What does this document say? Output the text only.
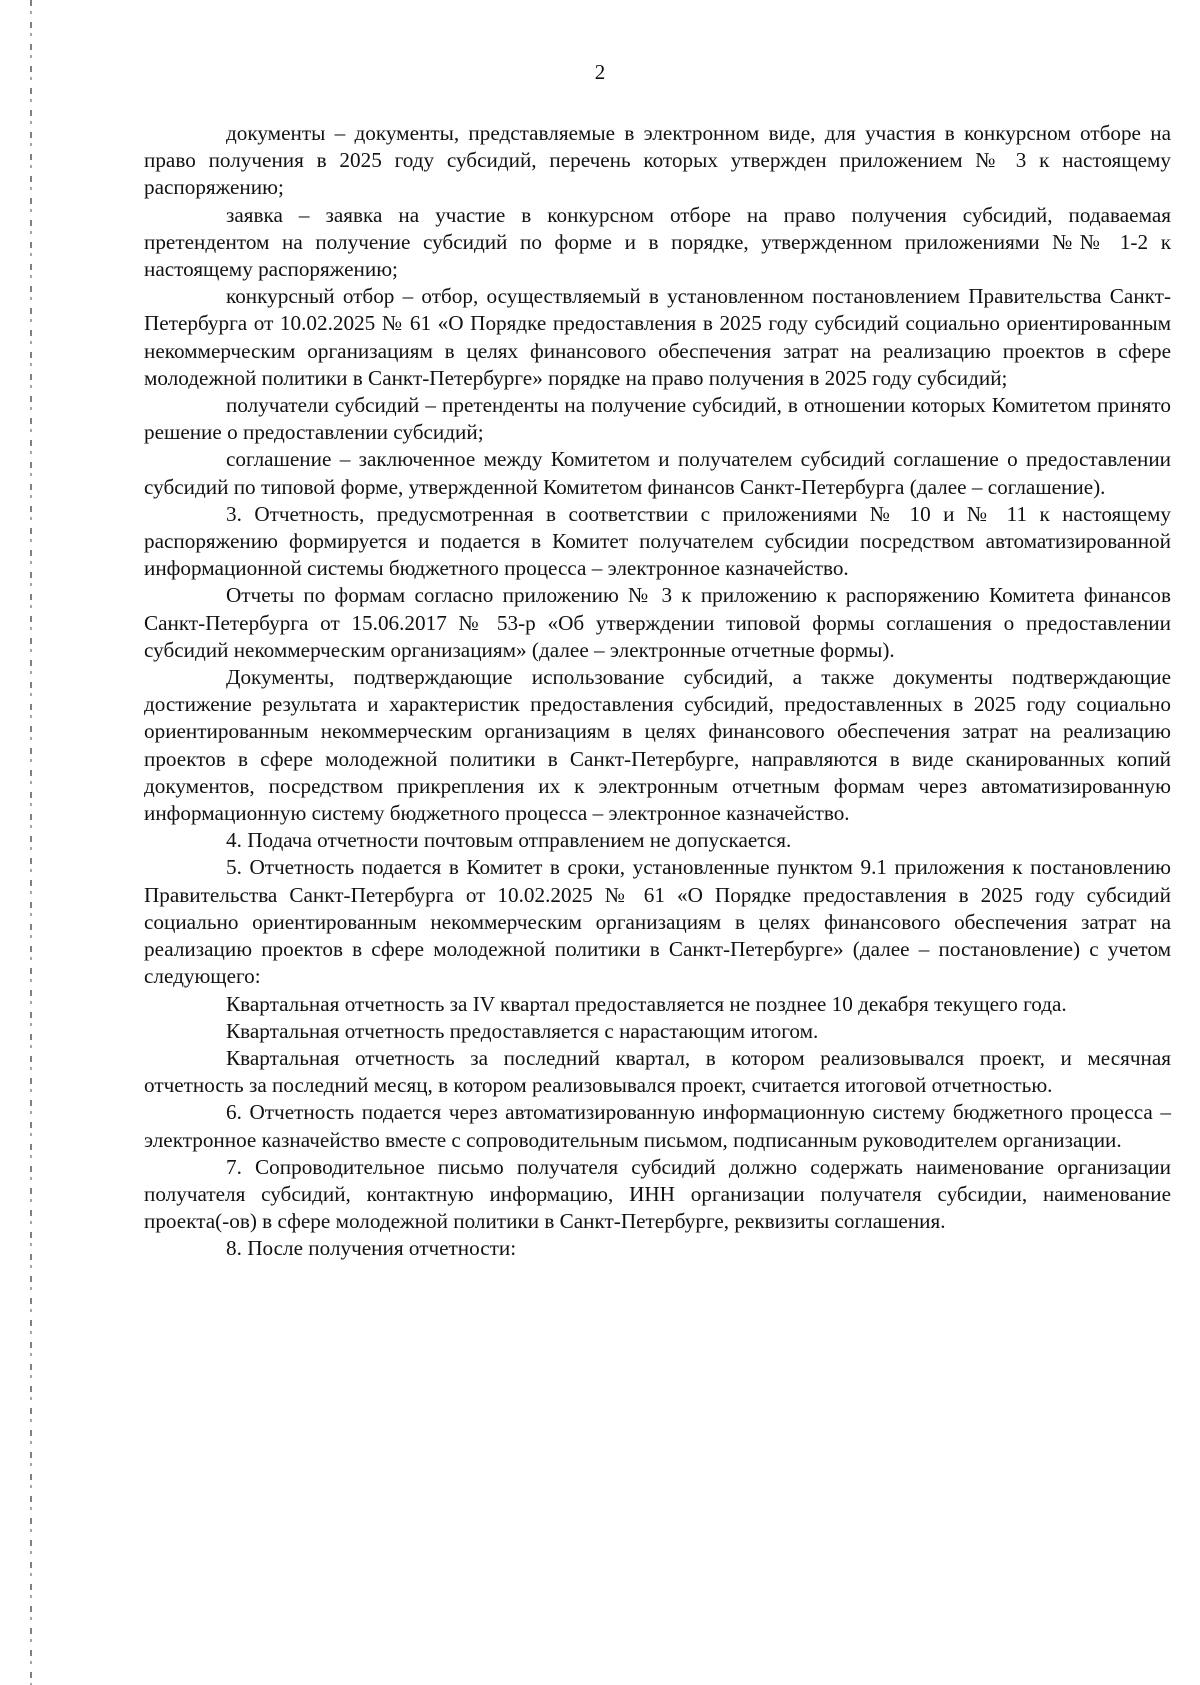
2

документы – документы, представляемые в электронном виде, для участия в конкурсном отборе на право получения в 2025 году субсидий, перечень которых утвержден приложением № 3 к настоящему распоряжению;

заявка – заявка на участие в конкурсном отборе на право получения субсидий, подаваемая претендентом на получение субсидий по форме и в порядке, утвержденном приложениями №№ 1-2 к настоящему распоряжению;

конкурсный отбор – отбор, осуществляемый в установленном постановлением Правительства Санкт-Петербурга от 10.02.2025 № 61 «О Порядке предоставления в 2025 году субсидий социально ориентированным некоммерческим организациям в целях финансового обеспечения затрат на реализацию проектов в сфере молодежной политики в Санкт-Петербурге» порядке на право получения в 2025 году субсидий;

получатели субсидий – претенденты на получение субсидий, в отношении которых Комитетом принято решение о предоставлении субсидий;

соглашение – заключенное между Комитетом и получателем субсидий соглашение о предоставлении субсидий по типовой форме, утвержденной Комитетом финансов Санкт-Петербурга (далее – соглашение).

3. Отчетность, предусмотренная в соответствии с приложениями № 10 и № 11 к настоящему распоряжению формируется и подается в Комитет получателем субсидии посредством автоматизированной информационной системы бюджетного процесса – электронное казначейство.

Отчеты по формам согласно приложению № 3 к приложению к распоряжению Комитета финансов Санкт-Петербурга от 15.06.2017 № 53-р «Об утверждении типовой формы соглашения о предоставлении субсидий некоммерческим организациям» (далее – электронные отчетные формы).

Документы, подтверждающие использование субсидий, а также документы подтверждающие достижение результата и характеристик предоставления субсидий, предоставленных в 2025 году социально ориентированным некоммерческим организациям в целях финансового обеспечения затрат на реализацию проектов в сфере молодежной политики в Санкт-Петербурге, направляются в виде сканированных копий документов, посредством прикрепления их к электронным отчетным формам через автоматизированную информационную систему бюджетного процесса – электронное казначейство.

4. Подача отчетности почтовым отправлением не допускается.

5. Отчетность подается в Комитет в сроки, установленные пунктом 9.1 приложения к постановлению Правительства Санкт-Петербурга от 10.02.2025 № 61 «О Порядке предоставления в 2025 году субсидий социально ориентированным некоммерческим организациям в целях финансового обеспечения затрат на реализацию проектов в сфере молодежной политики в Санкт-Петербурге» (далее – постановление) с учетом следующего:

Квартальная отчетность за IV квартал предоставляется не позднее 10 декабря текущего года.

Квартальная отчетность предоставляется с нарастающим итогом.

Квартальная отчетность за последний квартал, в котором реализовывался проект, и месячная отчетность за последний месяц, в котором реализовывался проект, считается итоговой отчетностью.

6. Отчетность подается через автоматизированную информационную систему бюджетного процесса – электронное казначейство вместе с сопроводительным письмом, подписанным руководителем организации.

7. Сопроводительное письмо получателя субсидий должно содержать наименование организации получателя субсидий, контактную информацию, ИНН организации получателя субсидии, наименование проекта(-ов) в сфере молодежной политики в Санкт-Петербурге, реквизиты соглашения.

8. После получения отчетности:
